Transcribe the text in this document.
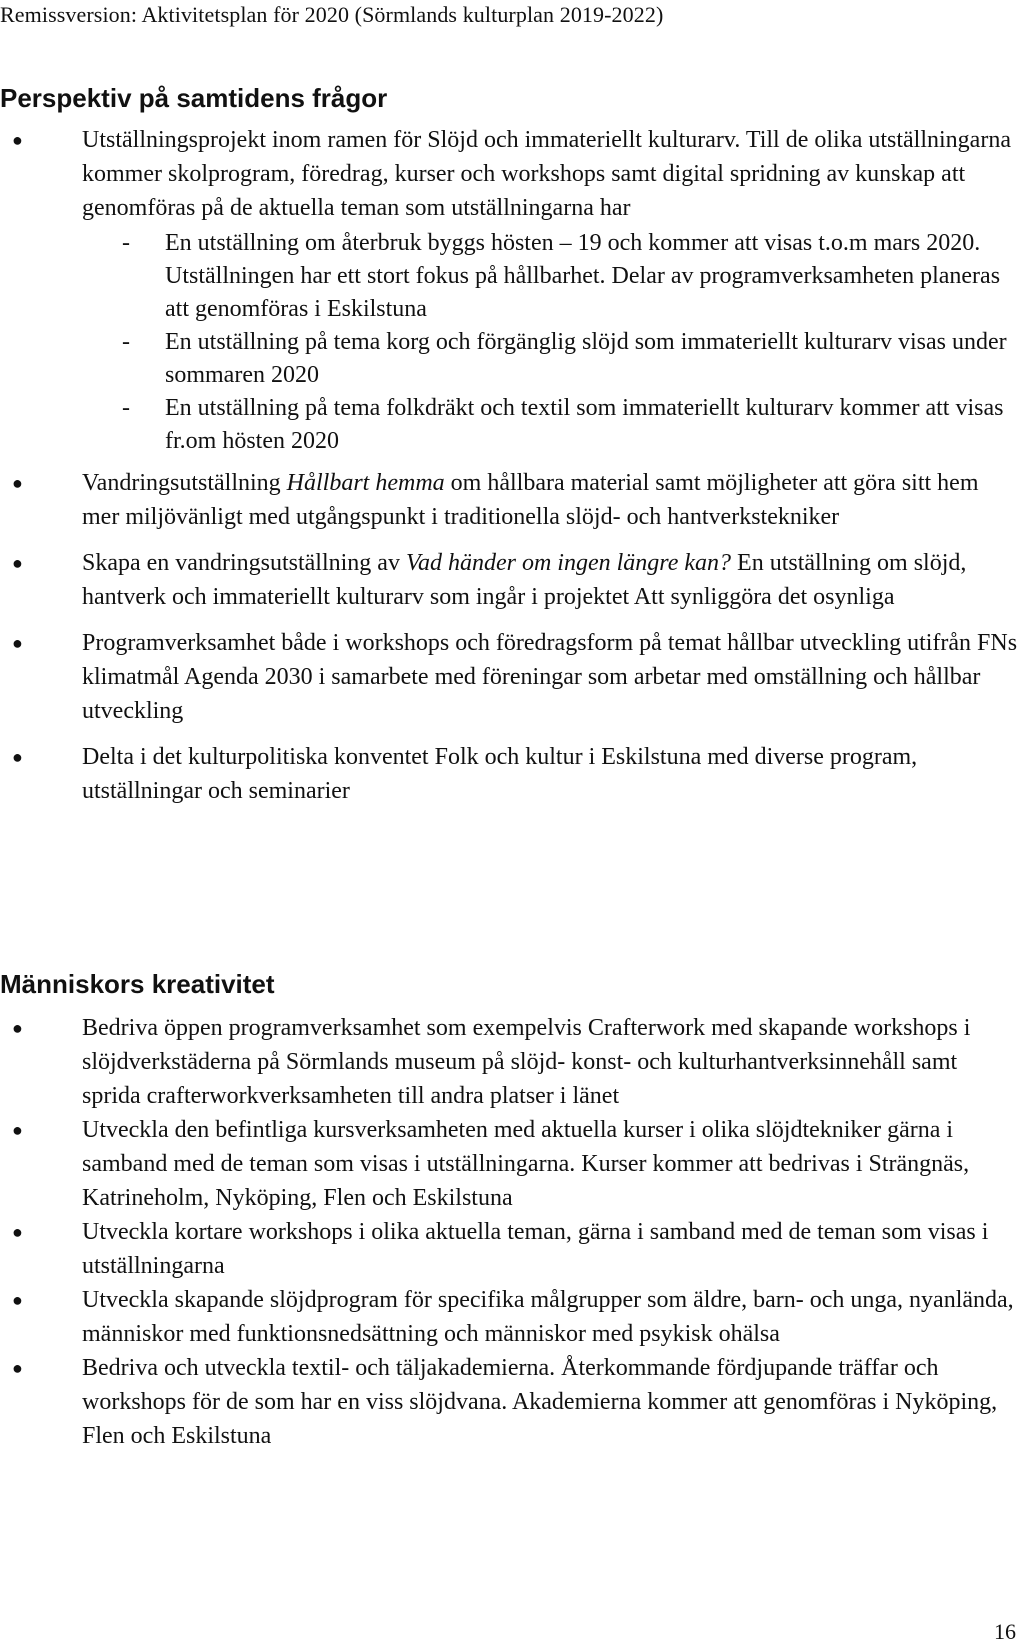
Remissversion: Aktivitetsplan för 2020 (Sörmlands kulturplan 2019-2022)
Perspektiv på samtidens frågor
● Utställningsprojekt inom ramen för Slöjd och immateriellt kulturarv. Till de olika utställningarna kommer skolprogram, föredrag, kurser och workshops samt digital spridning av kunskap att genomföras på de aktuella teman som utställningarna har
- En utställning om återbruk byggs hösten – 19 och kommer att visas t.o.m mars 2020. Utställningen har ett stort fokus på hållbarhet. Delar av programverksamheten planeras att genomföras i Eskilstuna
- En utställning på tema korg och förgänglig slöjd som immateriellt kulturarv visas under sommaren 2020
- En utställning på tema folkdräkt och textil som immateriellt kulturarv kommer att visas fr.om hösten 2020
● Vandringsutställning Hållbart hemma om hållbara material samt möjligheter att göra sitt hem mer miljövänligt med utgångspunkt i traditionella slöjd- och hantverkstekniker
● Skapa en vandringsutställning av Vad händer om ingen längre kan? En utställning om slöjd, hantverk och immateriellt kulturarv som ingår i projektet Att synliggöra det osynliga
● Programverksamhet både i workshops och föredragsform på temat hållbar utveckling utifrån FNs klimatmål Agenda 2030 i samarbete med föreningar som arbetar med omställning och hållbar utveckling
● Delta i det kulturpolitiska konventet Folk och kultur i Eskilstuna med diverse program, utställningar och seminarier
Människors kreativitet
● Bedriva öppen programverksamhet som exempelvis Crafterwork med skapande workshops i slöjdverkstäderna på Sörmlands museum på slöjd- konst- och kulturhantverksinnehåll samt sprida crafterworkverksamheten till andra platser i länet
● Utveckla den befintliga kursverksamheten med aktuella kurser i olika slöjdtekniker gärna i samband med de teman som visas i utställningarna. Kurser kommer att bedrivas i Strängnäs, Katrineholm, Nyköping, Flen och Eskilstuna
● Utveckla kortare workshops i olika aktuella teman, gärna i samband med de teman som visas i utställningarna
● Utveckla skapande slöjdprogram för specifika målgrupper som äldre, barn- och unga, nyanlända, människor med funktionsnedsättning och människor med psykisk ohälsa
● Bedriva och utveckla textil- och täljakademierna. Återkommande fördjupande träffar och workshops för de som har en viss slöjdvana. Akademierna kommer att genomföras i Nyköping, Flen och Eskilstuna
16
